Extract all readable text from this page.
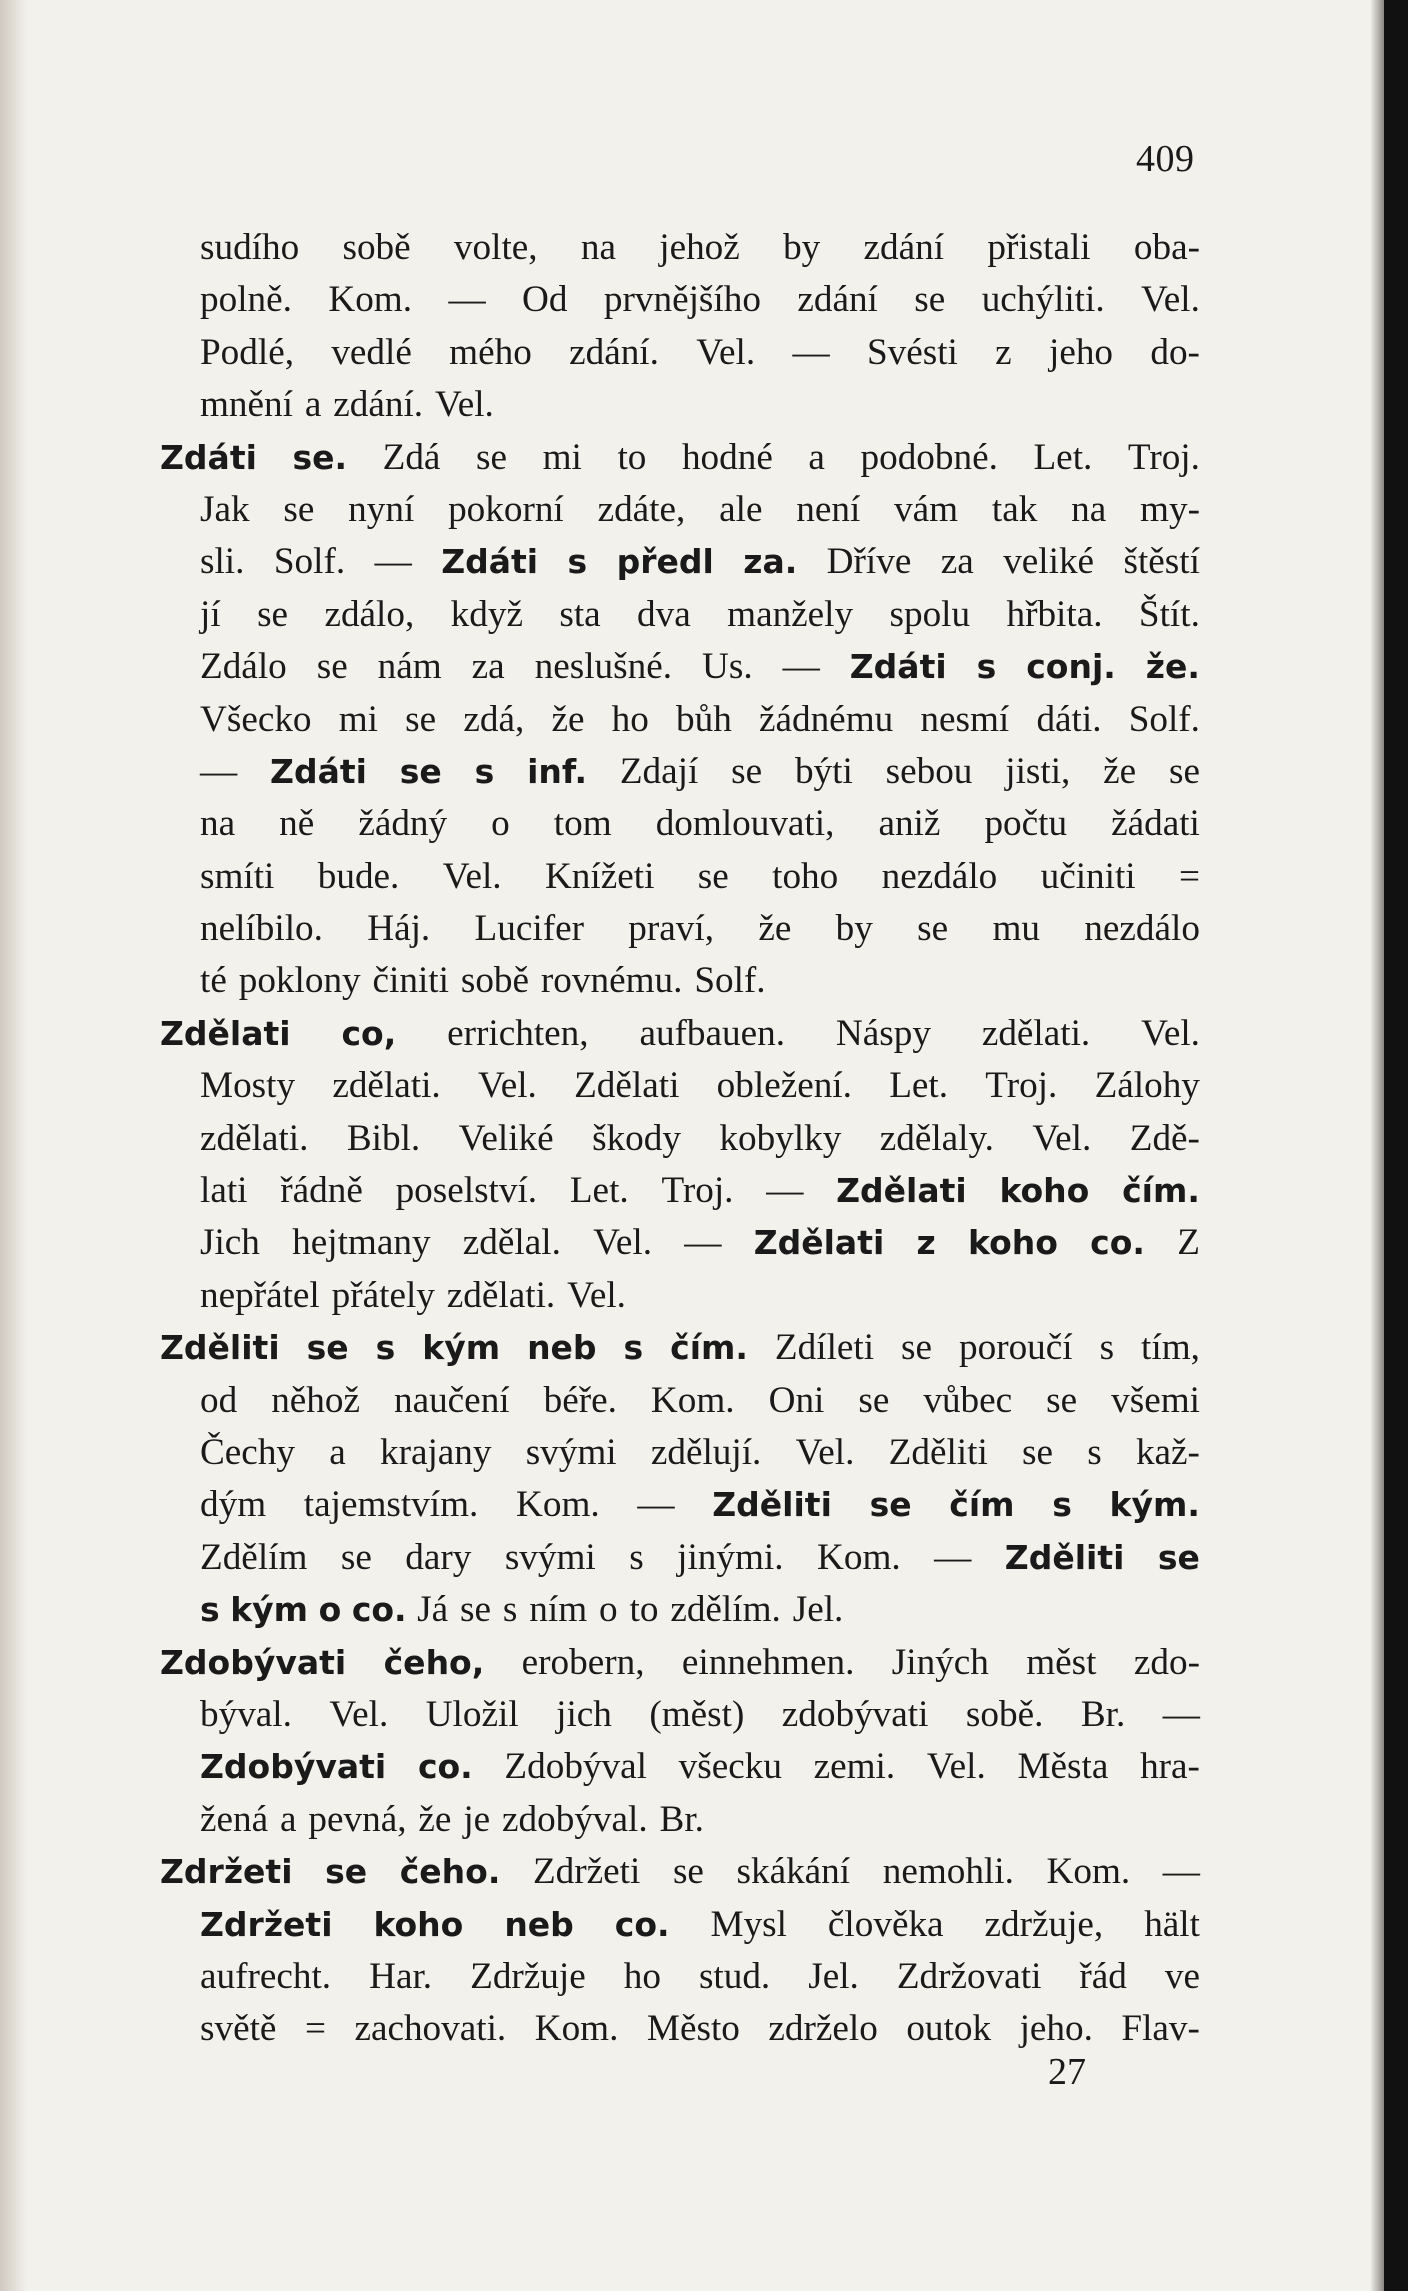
409
sudího sobě volte, na jehož by zdání přistali oba-
polně. Kom. — Od prvnějšího zdání se uchýliti. Vel.
Podlé, vedlé mého zdání. Vel. — Svésti z jeho do-
mnění a zdání. Vel.
Zdáti se. Zdá se mi to hodné a podobné. Let. Troj.
Jak se nyní pokorní zdáte, ale není vám tak na my-
sli. Solf. — Zdáti s předl za. Dříve za veliké štěstí
jí se zdálo, když sta dva manžely spolu hřbita. Štít.
Zdálo se nám za neslušné. Us. — Zdáti s conj. že.
Všecko mi se zdá, že ho bůh žádnému nesmí dáti. Solf.
— Zdáti se s inf. Zdají se býti sebou jisti, že se
na ně žádný o tom domlouvati, aniž počtu žádati
smíti bude. Vel. Knížeti se toho nezdálo učiniti =
nelíbilo. Háj. Lucifer praví, že by se mu nezdálo
té poklony činiti sobě rovnému. Solf.
Zdělati co, errichten, aufbauen. Náspy zdělati. Vel.
Mosty zdělati. Vel. Zdělati obležení. Let. Troj. Zálohy
zdělati. Bibl. Veliké škody kobylky zdělaly. Vel. Zdě-
lati řádně poselství. Let. Troj. — Zdělati koho čím.
Jich hejtmany zdělal. Vel. — Zdělati z koho co. Z
nepřátel přátely zdělati. Vel.
Zděliti se s kým neb s čím. Zdíleti se poroučí s tím,
od něhož naučení béře. Kom. Oni se vůbec se všemi
Čechy a krajany svými zdělují. Vel. Zděliti se s kaž-
dým tajemstvím. Kom. — Zděliti se čím s kým.
Zdělím se dary svými s jinými. Kom. — Zděliti se
s kým o co. Já se s ním o to zdělím. Jel.
Zdobývati čeho, erobern, einnehmen. Jiných měst zdo-
býval. Vel. Uložil jich (měst) zdobývati sobě. Br. —
Zdobývati co. Zdobýval všecku zemi. Vel. Města hra-
žená a pevná, že je zdobýval. Br.
Zdržeti se čeho. Zdržeti se skákání nemohli. Kom. —
Zdržeti koho neb co. Mysl člověka zdržuje, hält
aufrecht. Har. Zdržuje ho stud. Jel. Zdržovati řád ve
světě = zachovati. Kom. Město zdrželo outok jeho. Flav-
27
